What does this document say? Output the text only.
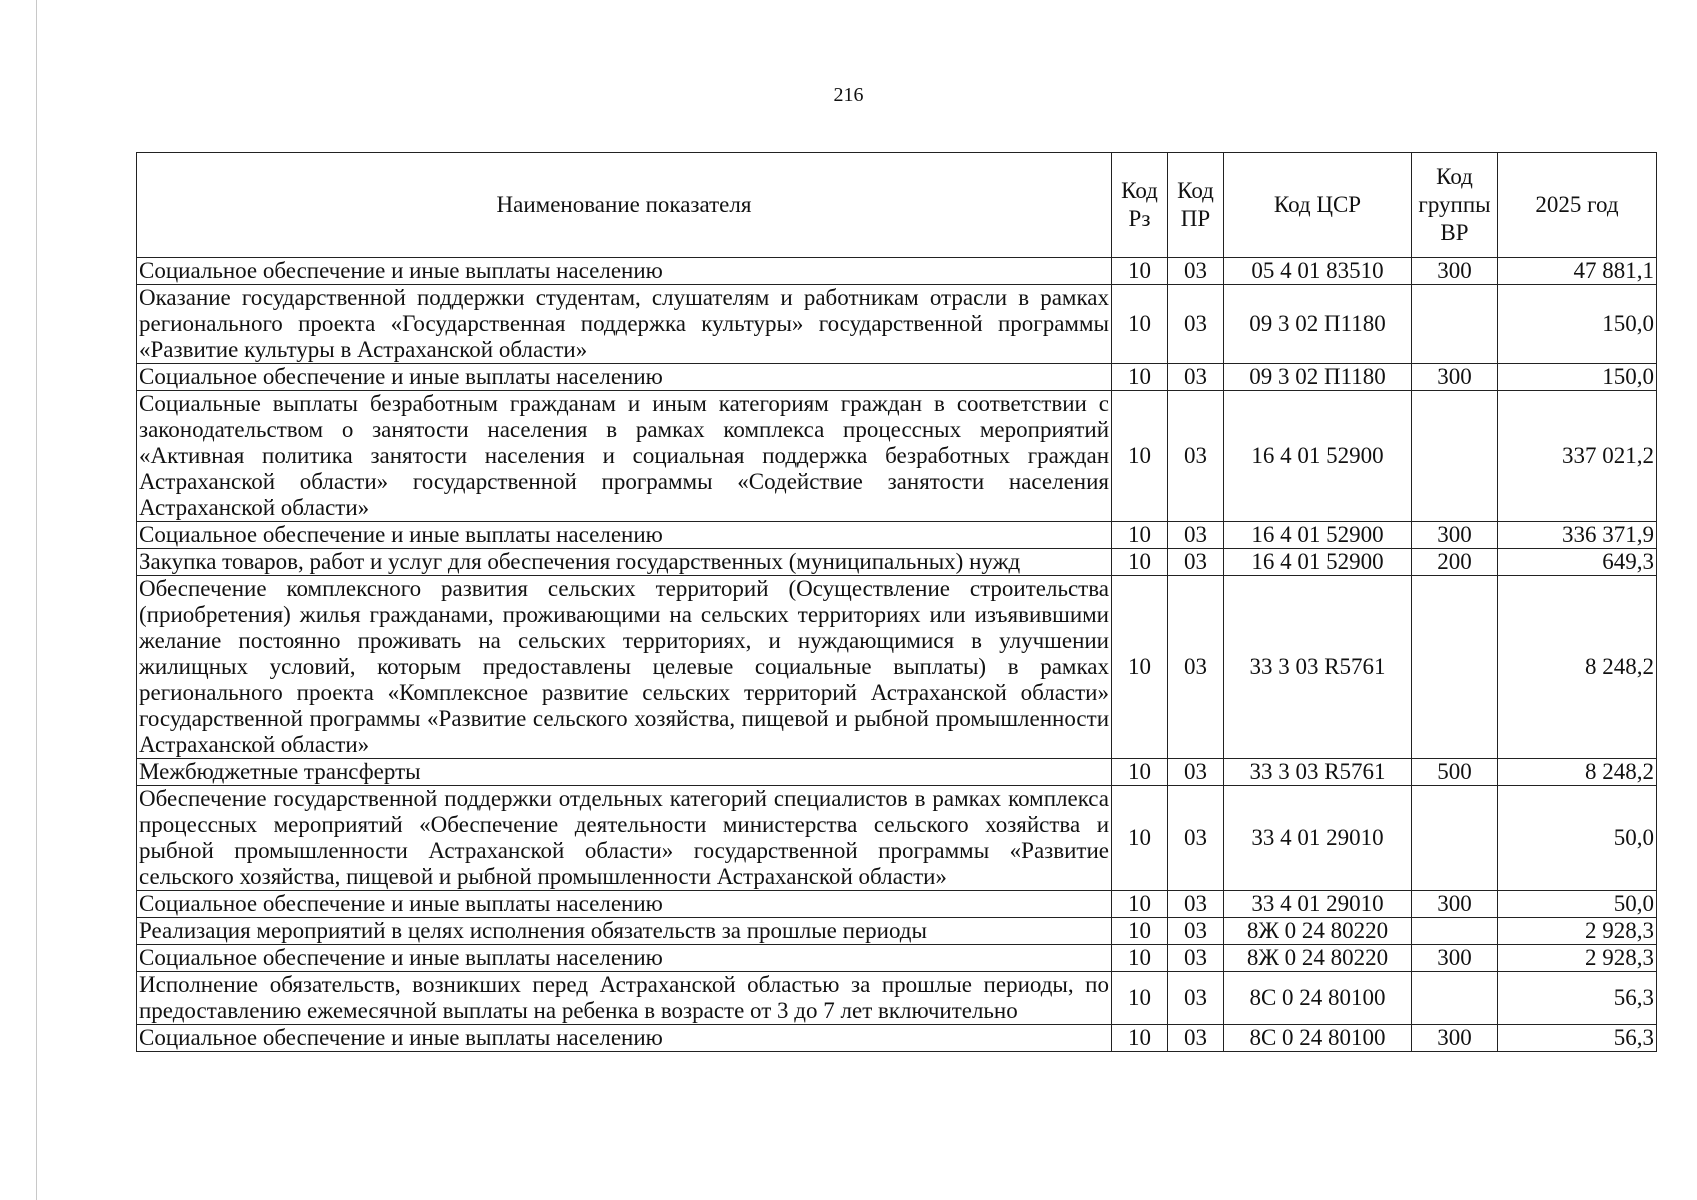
216
Наименование показателя	Код Рз	Код ПР	Код ЦСР	Код группы ВР	2025 год
Социальное обеспечение и иные выплаты населению	10	03	05 4 01 83510	300	47 881,1
Оказание государственной поддержки студентам, слушателям и работникам отрасли в рамках регионального проекта «Государственная поддержка культуры» государственной программы «Развитие культуры в Астраханской области»	10	03	09 3 02 П1180		150,0
Социальное обеспечение и иные выплаты населению	10	03	09 3 02 П1180	300	150,0
Социальные выплаты безработным гражданам и иным категориям граждан в соответствии с законодательством о занятости населения в рамках комплекса процессных мероприятий «Активная политика занятости населения и социальная поддержка безработных граждан Астраханской области» государственной программы «Содействие занятости населения Астраханской области»	10	03	16 4 01 52900		337 021,2
Социальное обеспечение и иные выплаты населению	10	03	16 4 01 52900	300	336 371,9
Закупка товаров, работ и услуг для обеспечения государственных (муниципальных) нужд	10	03	16 4 01 52900	200	649,3
Обеспечение комплексного развития сельских территорий (Осуществление строительства (приобретения) жилья гражданами, проживающими на сельских территориях или изъявившими желание постоянно проживать на сельских территориях, и нуждающимися в улучшении жилищных условий, которым предоставлены целевые социальные выплаты) в рамках регионального проекта «Комплексное развитие сельских территорий Астраханской области» государственной программы «Развитие сельского хозяйства, пищевой и рыбной промышленности Астраханской области»	10	03	33 3 03 R5761		8 248,2
Межбюджетные трансферты	10	03	33 3 03 R5761	500	8 248,2
Обеспечение государственной поддержки отдельных категорий специалистов в рамках комплекса процессных мероприятий «Обеспечение деятельности министерства сельского хозяйства и рыбной промышленности Астраханской области» государственной программы «Развитие сельского хозяйства, пищевой и рыбной промышленности Астраханской области»	10	03	33 4 01 29010		50,0
Социальное обеспечение и иные выплаты населению	10	03	33 4 01 29010	300	50,0
Реализация мероприятий в целях исполнения обязательств за прошлые периоды	10	03	8Ж 0 24 80220		2 928,3
Социальное обеспечение и иные выплаты населению	10	03	8Ж 0 24 80220	300	2 928,3
Исполнение обязательств, возникших перед Астраханской областью за прошлые периоды, по предоставлению ежемесячной выплаты на ребенка в возрасте от 3 до 7 лет включительно	10	03	8С 0 24 80100		56,3
Социальное обеспечение и иные выплаты населению	10	03	8С 0 24 80100	300	56,3
